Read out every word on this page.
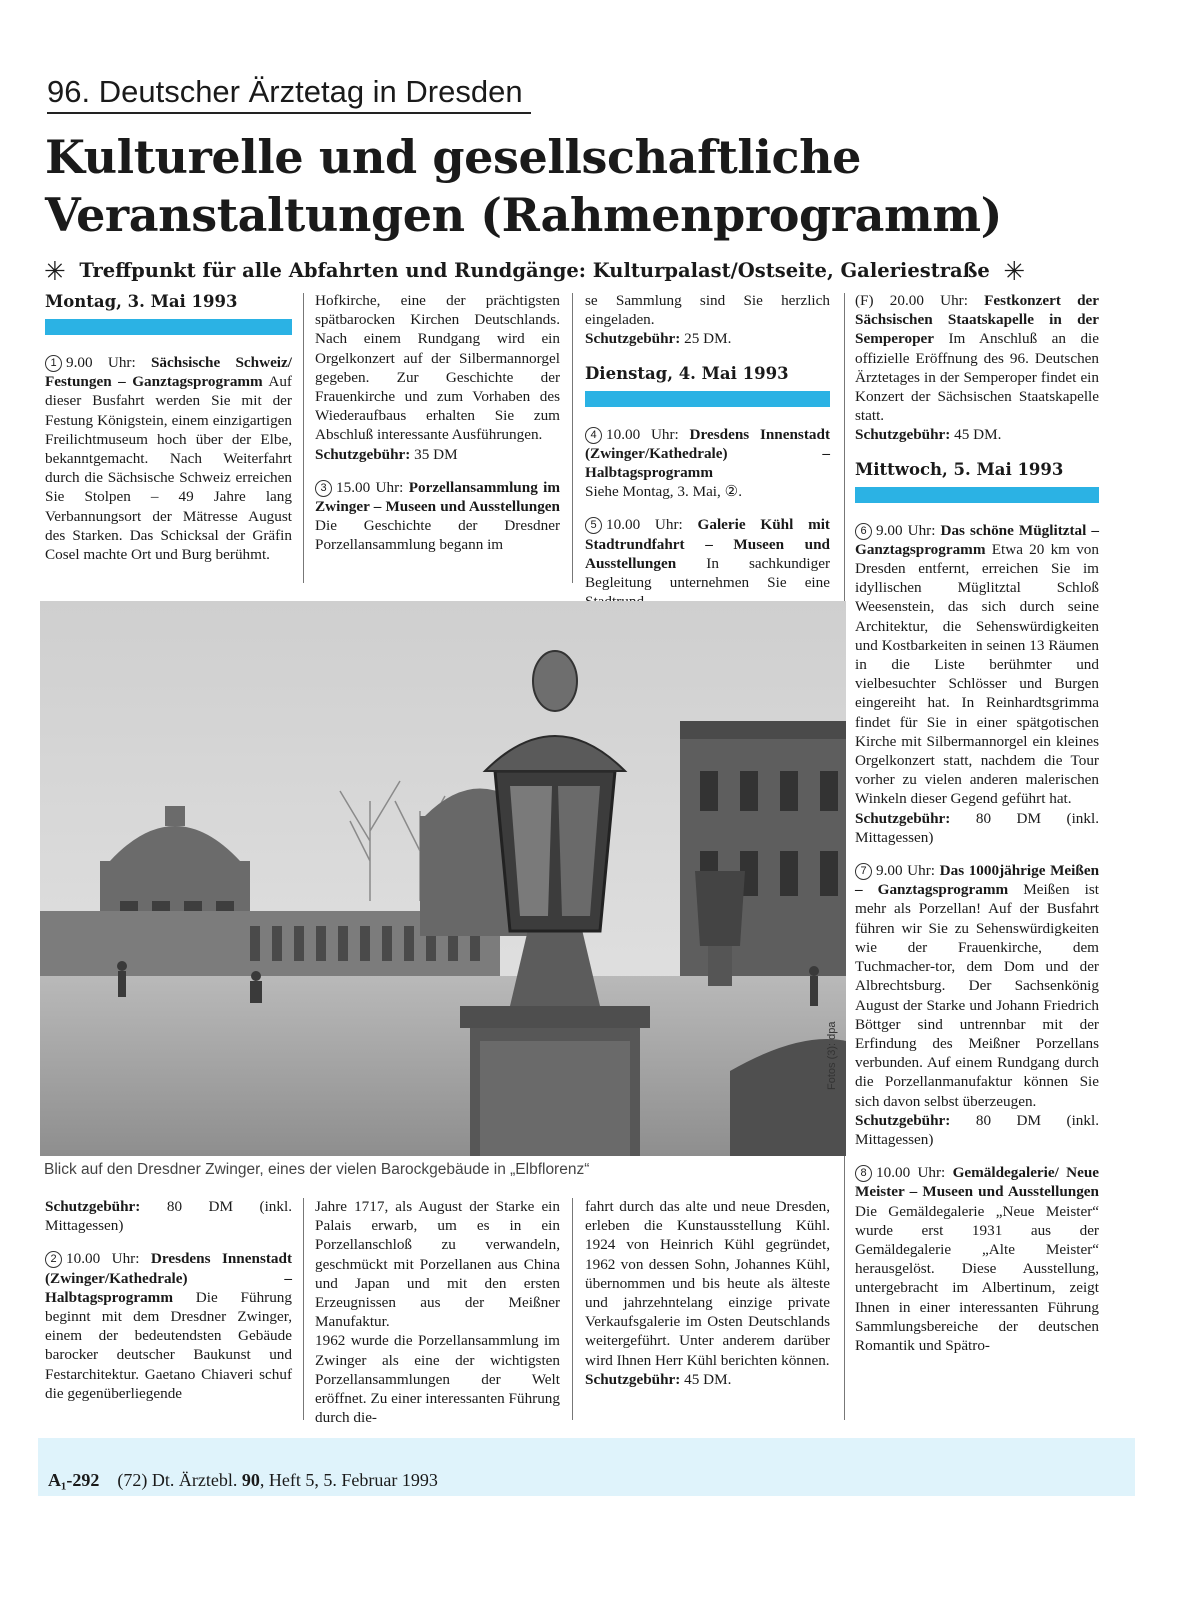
96. Deutscher Ärztetag in Dresden
Kulturelle und gesellschaftliche
Veranstaltungen (Rahmenprogramm)
✳ Treffpunkt für alle Abfahrten und Rundgänge: Kulturpalast/Ostseite, Galeriestraße ✳
Montag, 3. Mai 1993

1 9.00 Uhr: Sächsische Schweiz/ Festungen – Ganztagsprogramm Auf dieser Busfahrt werden Sie mit der Festung Königstein, einem einzigartigen Freilichtmuseum hoch über der Elbe, bekanntgemacht. Nach Weiterfahrt durch die Sächsische Schweiz erreichen Sie Stolpen – 49 Jahre lang Verbannungsort der Mätresse August des Starken. Das Schicksal der Gräfin Cosel machte Ort und Burg berühmt.

Hofkirche, eine der prächtigsten spätbarocken Kirchen Deutschlands. Nach einem Rundgang wird ein Orgelkonzert auf der Silbermannorgel gegeben. Zur Geschichte der Frauenkirche und zum Vorhaben des Wiederaufbaus erhalten Sie zum Abschluß interessante Ausführungen.
Schutzgebühr: 35 DM

3 15.00 Uhr: Porzellansammlung im Zwinger – Museen und Ausstellungen Die Geschichte der Dresdner Porzellansammlung begann im

se Sammlung sind Sie herzlich eingeladen.
Schutzgebühr: 25 DM.

Dienstag, 4. Mai 1993

4 10.00 Uhr: Dresdens Innenstadt (Zwinger/Kathedrale) – Halbtagsprogramm
Siehe Montag, 3. Mai, ②.

5 10.00 Uhr: Galerie Kühl mit Stadtrundfahrt – Museen und Ausstellungen In sachkundiger Begleitung unternehmen Sie eine

(F) 20.00 Uhr: Festkonzert der Sächsischen Staatskapelle in der Semperoper Im Anschluß an die offizielle Eröffnung des 96. Deutschen Ärztetages in der Semperoper findet ein Konzert der Sächsischen Staatskapelle statt.
Schutzgebühr: 45 DM.

Mittwoch, 5. Mai 1993

6 9.00 Uhr: Das schöne Müglitztal – Ganztagsprogramm Etwa 20 km von Dresden entfernt, erreichen Sie im idyllischen Müglitztal Schloß Weesenstein, das sich durch seine Architektur, die Sehenswürdigkeiten und Kostbarkeiten in seinen 13 Räumen in die Liste berühmter und vielbesuchter Schlösser und Burgen eingereiht hat. In Reinhardtsgrimma findet für Sie in einer spätgotischen Kirche mit Silbermannorgel ein kleines Orgelkonzert statt, nachdem die Tour vorher zu vielen anderen malerischen Winkeln dieser Gegend geführt hat.
Schutzgebühr: 80 DM (inkl. Mittagessen)

7 9.00 Uhr: Das 1000jährige Meißen – Ganztagsprogramm Meißen ist mehr als Porzellan! Auf der Busfahrt führen wir Sie zu Sehenswürdigkeiten wie der Frauenkirche, dem Tuchmacher-tor, dem Dom und der Albrechtsburg. Der Sachsenkönig August der Starke und Johann Friedrich Böttger sind untrennbar mit der Erfindung des Meißner Porzellans verbunden. Auf einem Rundgang durch die Porzellanmanufaktur können Sie sich davon selbst überzeugen.
Schutzgebühr: 80 DM (inkl. Mittagessen)

8 10.00 Uhr: Gemäldegalerie/ Neue Meister – Museen und Ausstellungen Die Gemäldegalerie „Neue Meister“ wurde erst 1931 aus der Gemäldegalerie „Alte Meister“ herausgelöst. Diese Ausstellung, untergebracht im Albertinum, zeigt Ihnen in einer interessanten Führung Sammlungsbereiche der deutschen Romantik und Spätro-

Fotos (3): dpa
Blick auf den Dresdner Zwinger, eines der vielen Barockgebäude in „Elbflorenz“

Schutzgebühr: 80 DM (inkl. Mittagessen)

2 10.00 Uhr: Dresdens Innenstadt (Zwinger/Kathedrale) – Halbtagsprogramm Die Führung beginnt mit dem Dresdner Zwinger, einem der bedeutendsten Gebäude barocker deutscher Baukunst und Festarchitektur. Gaetano Chiaveri schuf die gegenüberliegende

Jahre 1717, als August der Starke ein Palais erwarb, um es in ein Porzellanschloß zu verwandeln, geschmückt mit Porzellanen aus China und Japan und mit den ersten Erzeugnissen aus der Meißner Manufaktur.

1962 wurde die Porzellansammlung im Zwinger als eine der wichtigsten Porzellansammlungen der Welt eröffnet. Zu einer interessanten Führung durch die-

fahrt durch das alte und neue Dresden, erleben die Kunstausstellung Kühl. 1924 von Heinrich Kühl gegründet, 1962 von dessen Sohn, Johannes Kühl, übernommen und bis heute als älteste und jahrzehntelang einzige private Verkaufsgalerie im Osten Deutschlands weitergeführt. Unter anderem darüber wird Ihnen Herr Kühl berichten können.
Schutzgebühr: 45 DM.

A₁-292 (72) Dt. Ärztebl. 90, Heft 5, 5. Februar 1993
